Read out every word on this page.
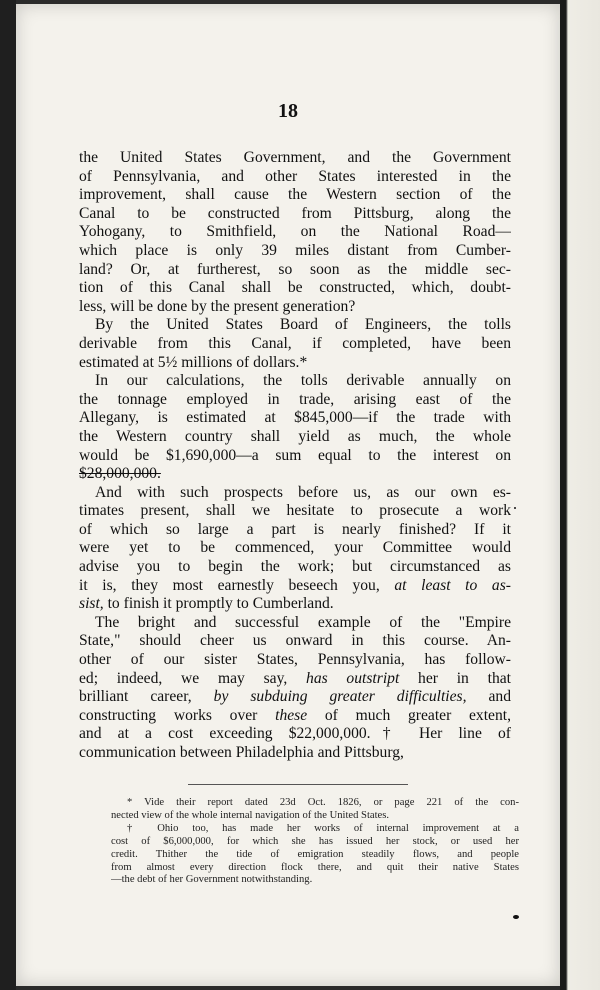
18
the United States Government, and the Government
of Pennsylvania, and other States interested in the
improvement, shall cause the Western section of the
Canal to be constructed from Pittsburg, along the
Yohogany, to Smithfield, on the National Road—
which place is only 39 miles distant from Cumber-
land? Or, at furtherest, so soon as the middle sec-
tion of this Canal shall be constructed, which, doubt-
less, will be done by the present generation?
By the United States Board of Engineers, the tolls
derivable from this Canal, if completed, have been
estimated at 5½ millions of dollars.*
In our calculations, the tolls derivable annually on
the tonnage employed in trade, arising east of the
Allegany, is estimated at $845,000—if the trade with
the Western country shall yield as much, the whole
would be $1,690,000—a sum equal to the interest on
$28,000,000.
And with such prospects before us, as our own es-
timates present, shall we hesitate to prosecute a work
of which so large a part is nearly finished? If it
were yet to be commenced, your Committee would
advise you to begin the work; but circumstanced as
it is, they most earnestly beseech you, at least to as-
sist, to finish it promptly to Cumberland.
The bright and successful example of the "Empire
State," should cheer us onward in this course. An-
other of our sister States, Pennsylvania, has follow-
ed; indeed, we may say, has outstript her in that
brilliant career, by subduing greater difficulties, and
constructing works over these of much greater extent,
and at a cost exceeding $22,000,000.† Her line of
communication between Philadelphia and Pittsburg,
* Vide their report dated 23d Oct. 1826, or page 221 of the con-
nected view of the whole internal navigation of the United States.
† Ohio too, has made her works of internal improvement at a
cost of $6,000,000, for which she has issued her stock, or used her
credit. Thither the tide of emigration steadily flows, and people
from almost every direction flock there, and quit their native States
—the debt of her Government notwithstanding.
